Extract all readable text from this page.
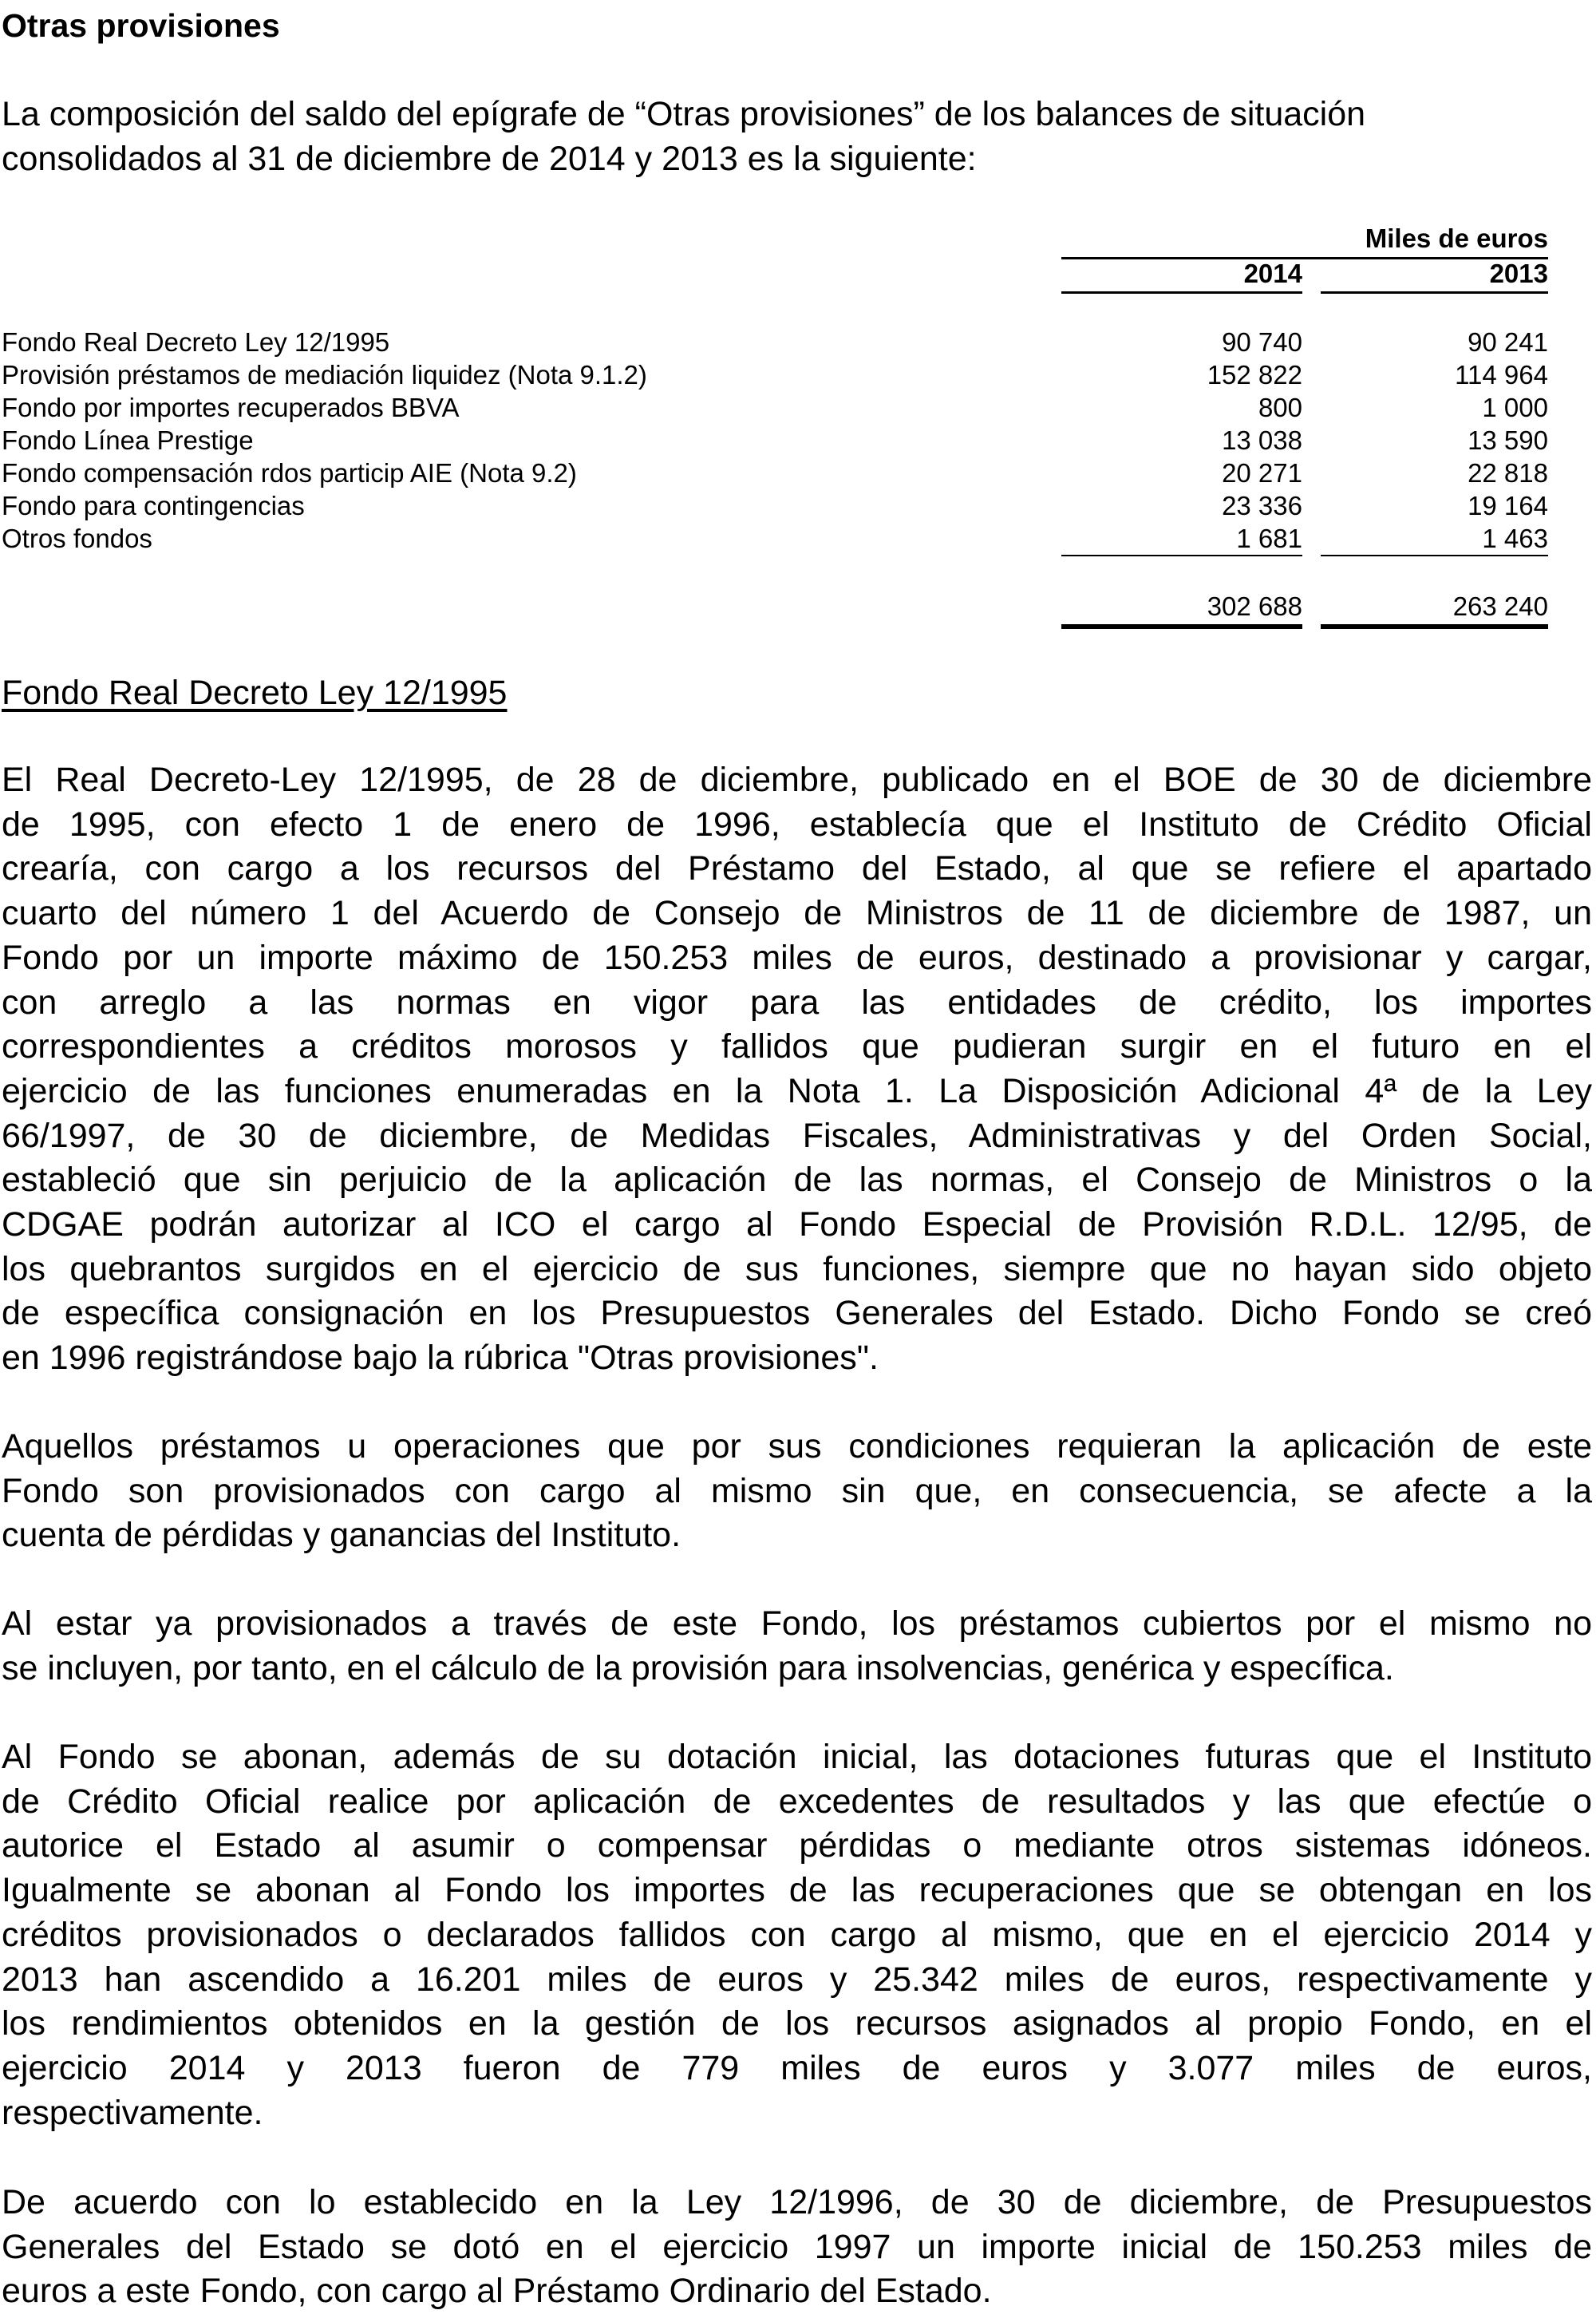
Otras provisiones
La composición del saldo del epígrafe de “Otras provisiones” de los balances de situación
consolidados al 31 de diciembre de 2014 y 2013 es la siguiente:
Miles de euros
2014	2013
Fondo Real Decreto Ley 12/1995	90 740	90 241
Provisión préstamos de mediación liquidez (Nota 9.1.2)	152 822	114 964
Fondo por importes recuperados BBVA	800	1 000
Fondo Línea Prestige	13 038	13 590
Fondo compensación rdos particip AIE (Nota 9.2)	20 271	22 818
Fondo para contingencias	23 336	19 164
Otros fondos	1 681	1 463
302 688	263 240
Fondo Real Decreto Ley 12/1995
El Real Decreto-Ley 12/1995, de 28 de diciembre, publicado en el BOE de 30 de diciembre
de 1995, con efecto 1 de enero de 1996, establecía que el Instituto de Crédito Oficial
crearía, con cargo a los recursos del Préstamo del Estado, al que se refiere el apartado
cuarto del número 1 del Acuerdo de Consejo de Ministros de 11 de diciembre de 1987, un
Fondo por un importe máximo de 150.253 miles de euros, destinado a provisionar y cargar,
con arreglo a las normas en vigor para las entidades de crédito, los importes
correspondientes a créditos morosos y fallidos que pudieran surgir en el futuro en el
ejercicio de las funciones enumeradas en la Nota 1. La Disposición Adicional 4ª de la Ley
66/1997, de 30 de diciembre, de Medidas Fiscales, Administrativas y del Orden Social,
estableció que sin perjuicio de la aplicación de las normas, el Consejo de Ministros o la
CDGAE podrán autorizar al ICO el cargo al Fondo Especial de Provisión R.D.L. 12/95, de
los quebrantos surgidos en el ejercicio de sus funciones, siempre que no hayan sido objeto
de específica consignación en los Presupuestos Generales del Estado. Dicho Fondo se creó
en 1996 registrándose bajo la rúbrica "Otras provisiones".
Aquellos préstamos u operaciones que por sus condiciones requieran la aplicación de este
Fondo son provisionados con cargo al mismo sin que, en consecuencia, se afecte a la
cuenta de pérdidas y ganancias del Instituto.
Al estar ya provisionados a través de este Fondo, los préstamos cubiertos por el mismo no
se incluyen, por tanto, en el cálculo de la provisión para insolvencias, genérica y específica.
Al Fondo se abonan, además de su dotación inicial, las dotaciones futuras que el Instituto
de Crédito Oficial realice por aplicación de excedentes de resultados y las que efectúe o
autorice el Estado al asumir o compensar pérdidas o mediante otros sistemas idóneos.
Igualmente se abonan al Fondo los importes de las recuperaciones que se obtengan en los
créditos provisionados o declarados fallidos con cargo al mismo, que en el ejercicio 2014 y
2013 han ascendido a 16.201 miles de euros y 25.342 miles de euros, respectivamente y
los rendimientos obtenidos en la gestión de los recursos asignados al propio Fondo, en el
ejercicio 2014 y 2013 fueron de 779 miles de euros y 3.077 miles de euros,
respectivamente.
De acuerdo con lo establecido en la Ley 12/1996, de 30 de diciembre, de Presupuestos
Generales del Estado se dotó en el ejercicio 1997 un importe inicial de 150.253 miles de
euros a este Fondo, con cargo al Préstamo Ordinario del Estado.
